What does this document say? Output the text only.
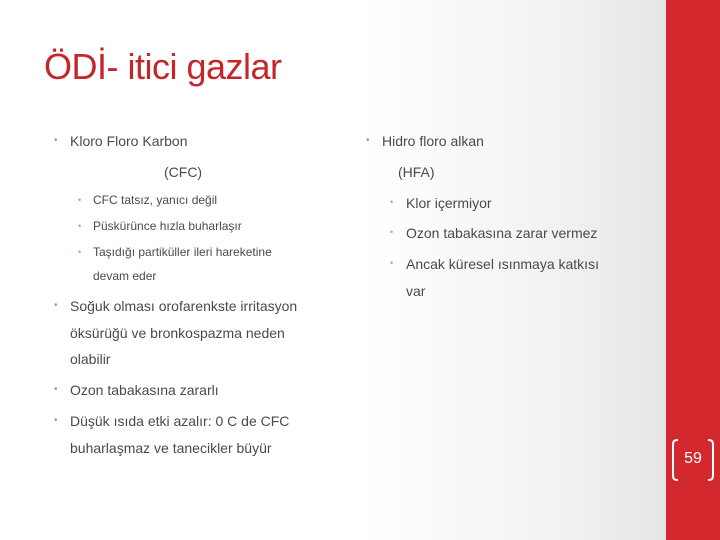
ÖDİ- itici gazlar
• Kloro Floro Karbon

(CFC)

• CFC tatsız, yanıcı değil

• Püskürünce hızla buharlaşır

• Taşıdığı partiküller ileri hareketine

devam eder

• Soğuk olması orofarenkste irritasyon

öksürüğü ve bronkospazma neden

olabilir

• Ozon tabakasına zararlı

• Düşük ısıda etki azalır: 0 C de CFC

buharlaşmaz ve tanecikler büyür

• Hidro floro alkan

(HFA)

• Klor içermiyor

• Ozon tabakasına zarar vermez

• Ancak küresel ısınmaya katkısı

var

59
